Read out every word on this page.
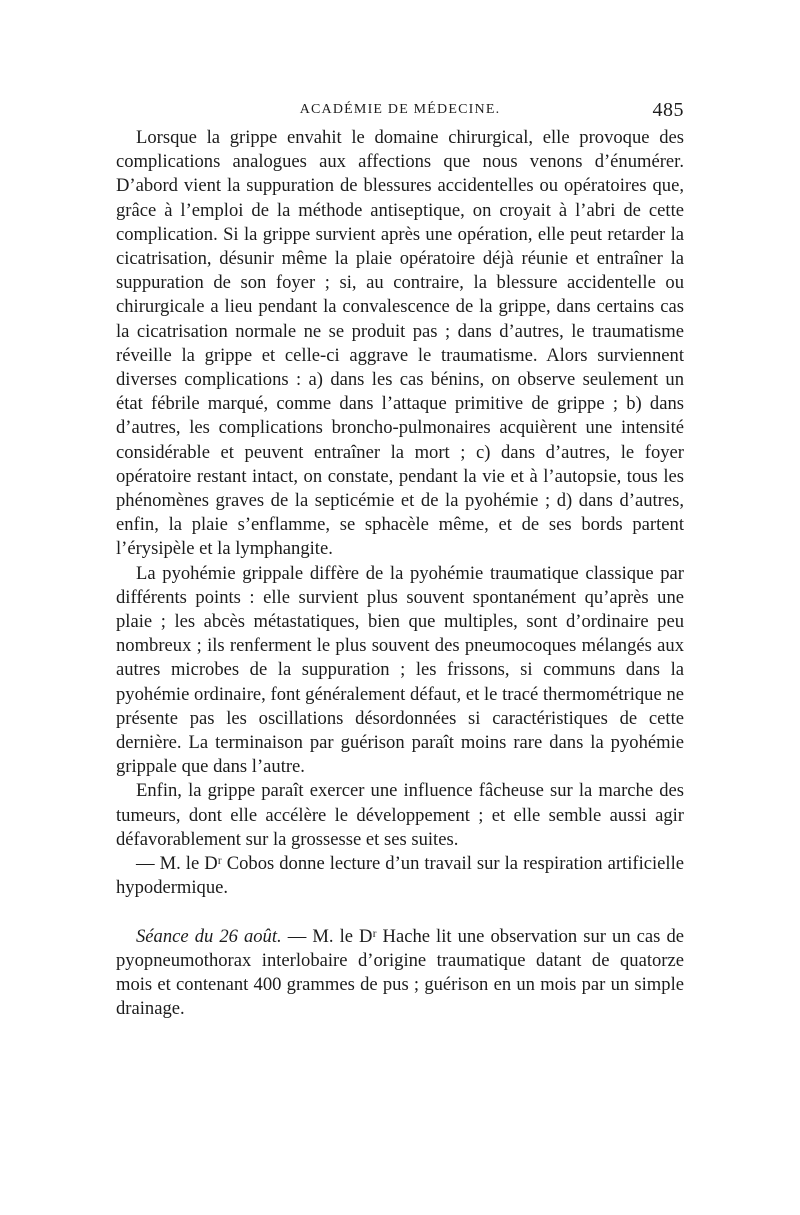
ACADÉMIE DE MÉDECINE.	485

Lorsque la grippe envahit le domaine chirurgical, elle provoque des complications analogues aux affections que nous venons d’énumérer. D’abord vient la suppuration de blessures accidentelles ou opératoires que, grâce à l’emploi de la méthode antiseptique, on croyait à l’abri de cette complication. Si la grippe survient après une opération, elle peut retarder la cicatrisation, désunir même la plaie opératoire déjà réunie et entraîner la suppuration de son foyer ; si, au contraire, la blessure accidentelle ou chirurgicale a lieu pendant la convalescence de la grippe, dans certains cas la cicatrisation normale ne se produit pas ; dans d’autres, le traumatisme réveille la grippe et celle-ci aggrave le traumatisme. Alors surviennent diverses complications : a) dans les cas bénins, on observe seulement un état fébrile marqué, comme dans l’attaque primitive de grippe ; b) dans d’autres, les complications broncho-pulmonaires acquièrent une intensité considérable et peuvent entraîner la mort ; c) dans d’autres, le foyer opératoire restant intact, on constate, pendant la vie et à l’autopsie, tous les phénomènes graves de la septicémie et de la pyohémie ; d) dans d’autres, enfin, la plaie s’enflamme, se sphacèle même, et de ses bords partent l’érysipèle et la lymphangite.

La pyohémie grippale diffère de la pyohémie traumatique classique par différents points : elle survient plus souvent spontanément qu’après une plaie ; les abcès métastatiques, bien que multiples, sont d’ordinaire peu nombreux ; ils renferment le plus souvent des pneumocoques mélangés aux autres microbes de la suppuration ; les frissons, si communs dans la pyohémie ordinaire, font généralement défaut, et le tracé thermométrique ne présente pas les oscillations désordonnées si caractéristiques de cette dernière. La terminaison par guérison paraît moins rare dans la pyohémie grippale que dans l’autre.

Enfin, la grippe paraît exercer une influence fâcheuse sur la marche des tumeurs, dont elle accélère le développement ; et elle semble aussi agir défavorablement sur la grossesse et ses suites.

— M. le Dʳ Cobos donne lecture d’un travail sur la respiration artificielle hypodermique.

Séance du 26 août. — M. le Dʳ Hache lit une observation sur un cas de pyopneumothorax interlobaire d’origine traumatique datant de quatorze mois et contenant 400 grammes de pus ; guérison en un mois par un simple drainage.
